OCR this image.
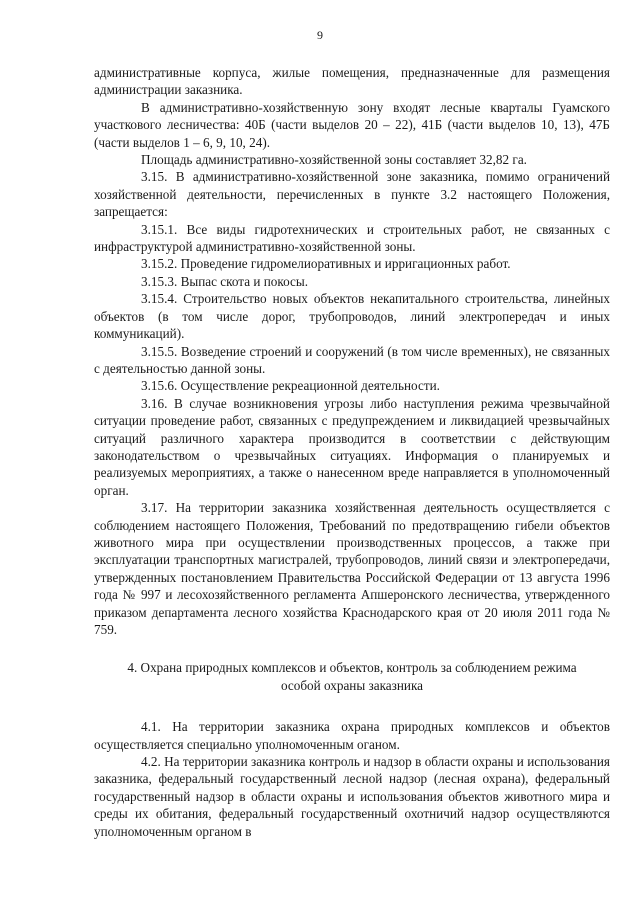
9

административные корпуса, жилые помещения, предназначенные для размещения администрации заказника.

В административно-хозяйственную зону входят лесные кварталы Гуамского участкового лесничества: 40Б (части выделов 20 – 22), 41Б (части выделов 10, 13), 47Б (части выделов 1 – 6, 9, 10, 24).

Площадь административно-хозяйственной зоны составляет 32,82 га.

3.15. В административно-хозяйственной зоне заказника, помимо ограничений хозяйственной деятельности, перечисленных в пункте 3.2 настоящего Положения, запрещается:

3.15.1. Все виды гидротехнических и строительных работ, не связанных с инфраструктурой административно-хозяйственной зоны.

3.15.2. Проведение гидромелиоративных и ирригационных работ.

3.15.3. Выпас скота и покосы.

3.15.4. Строительство новых объектов некапитального строительства, линейных объектов (в том числе дорог, трубопроводов, линий электропередач и иных коммуникаций).

3.15.5. Возведение строений и сооружений (в том числе временных), не связанных с деятельностью данной зоны.

3.15.6. Осуществление рекреационной деятельности.

3.16. В случае возникновения угрозы либо наступления режима чрезвычайной ситуации проведение работ, связанных с предупреждением и ликвидацией чрезвычайных ситуаций различного характера производится в соответствии с действующим законодательством о чрезвычайных ситуациях. Информация о планируемых и реализуемых мероприятиях, а также о нанесенном вреде направляется в уполномоченный орган.

3.17. На территории заказника хозяйственная деятельность осуществляется с соблюдением настоящего Положения, Требований по предотвращению гибели объектов животного мира при осуществлении производственных процессов, а также при эксплуатации транспортных магистралей, трубопроводов, линий связи и электропередачи, утвержденных постановлением Правительства Российской Федерации от 13 августа 1996 года № 997 и лесохозяйственного регламента Апшеронского лесничества, утвержденного приказом департамента лесного хозяйства Краснодарского края от 20 июля 2011 года № 759.

4. Охрана природных комплексов и объектов, контроль за соблюдением режима особой охраны заказника

4.1. На территории заказника охрана природных комплексов и объектов осуществляется специально уполномоченным оганом.

4.2. На территории заказника контроль и надзор в области охраны и использования заказника, федеральный государственный лесной надзор (лесная охрана), федеральный государственный надзор в области охраны и использования объектов животного мира и среды их обитания, федеральный государственный охотничий надзор осуществляются уполномоченным органом в
